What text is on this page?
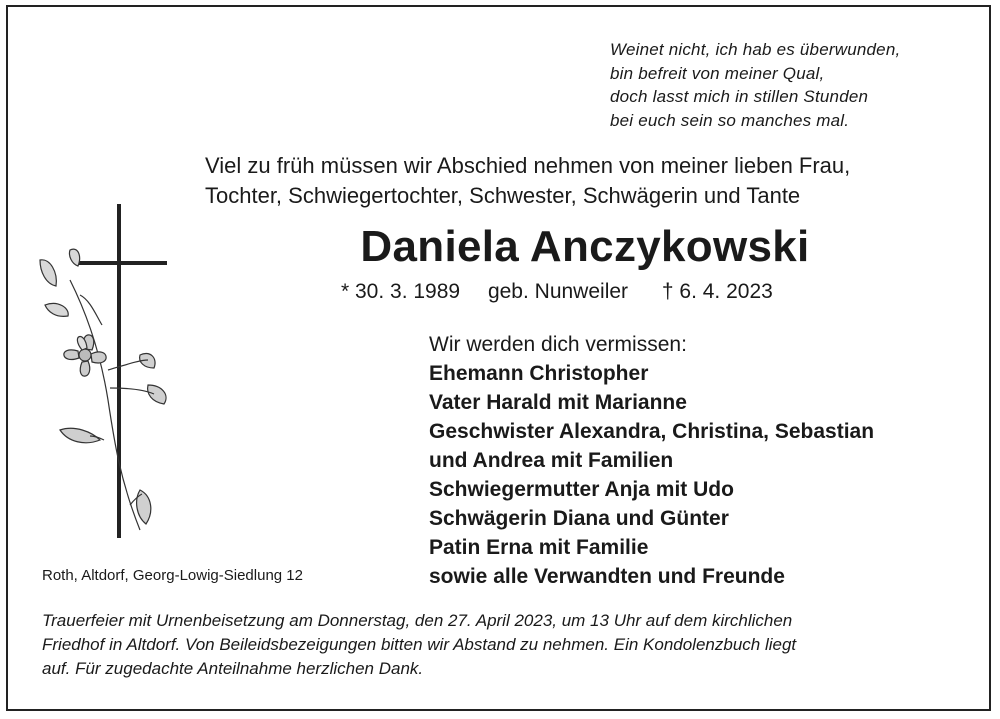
Weinet nicht, ich hab es überwunden,
bin befreit von meiner Qual,
doch lasst mich in stillen Stunden
bei euch sein so manches mal.
Viel zu früh müssen wir Abschied nehmen von meiner lieben Frau,
Tochter, Schwiegertochter, Schwester, Schwägerin und Tante
Daniela Anczykowski
* 30. 3. 1989 geb. Nunweiler † 6. 4. 2023
Wir werden dich vermissen:
Ehemann Christopher
Vater Harald mit Marianne
Geschwister Alexandra, Christina, Sebastian
und Andrea mit Familien
Schwiegermutter Anja mit Udo
Schwägerin Diana und Günter
Patin Erna mit Familie
sowie alle Verwandten und Freunde
Roth, Altdorf, Georg-Lowig-Siedlung 12
Trauerfeier mit Urnenbeisetzung am Donnerstag, den 27. April 2023, um 13 Uhr auf dem kirchlichen
Friedhof in Altdorf. Von Beileidsbezeigungen bitten wir Abstand zu nehmen. Ein Kondolenzbuch liegt
auf. Für zugedachte Anteilnahme herzlichen Dank.
